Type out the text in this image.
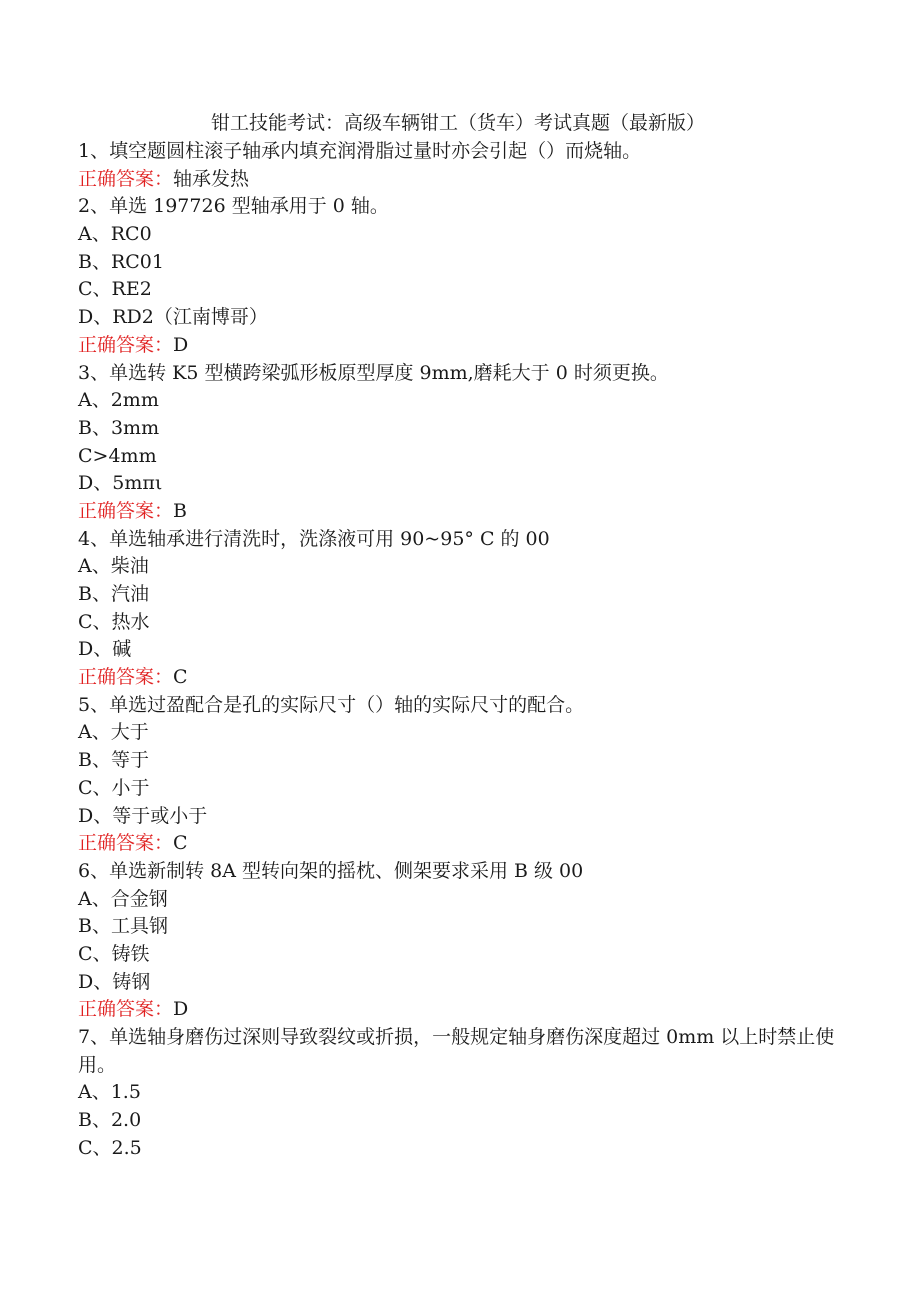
钳工技能考试：高级车辆钳工（货车）考试真题（最新版）
1、填空题圆柱滚子轴承内填充润滑脂过量时亦会引起（）而烧轴。
正确答案：轴承发热
2、单选 197726 型轴承用于 0 轴。
A、RC0
B、RC01
C、RE2
D、RD2（江南博哥）
正确答案：D
3、单选转 K5 型横跨梁弧形板原型厚度 9mm,磨耗大于 0 时须更换。
A、2mm
B、3mm
C>4mm
D、5mπι
正确答案：B
4、单选轴承进行清洗时，洗涤液可用 90~95° C 的 00
A、柴油
B、汽油
C、热水
D、碱
正确答案：C
5、单选过盈配合是孔的实际尺寸（）轴的实际尺寸的配合。
A、大于
B、等于
C、小于
D、等于或小于
正确答案：C
6、单选新制转 8A 型转向架的摇枕、侧架要求采用 B 级 00
A、合金钢
B、工具钢
C、铸铁
D、铸钢
正确答案：D
7、单选轴身磨伤过深则导致裂纹或折损，一般规定轴身磨伤深度超过 0mm 以上时禁止使用。
A、1.5
B、2.0
C、2.5
